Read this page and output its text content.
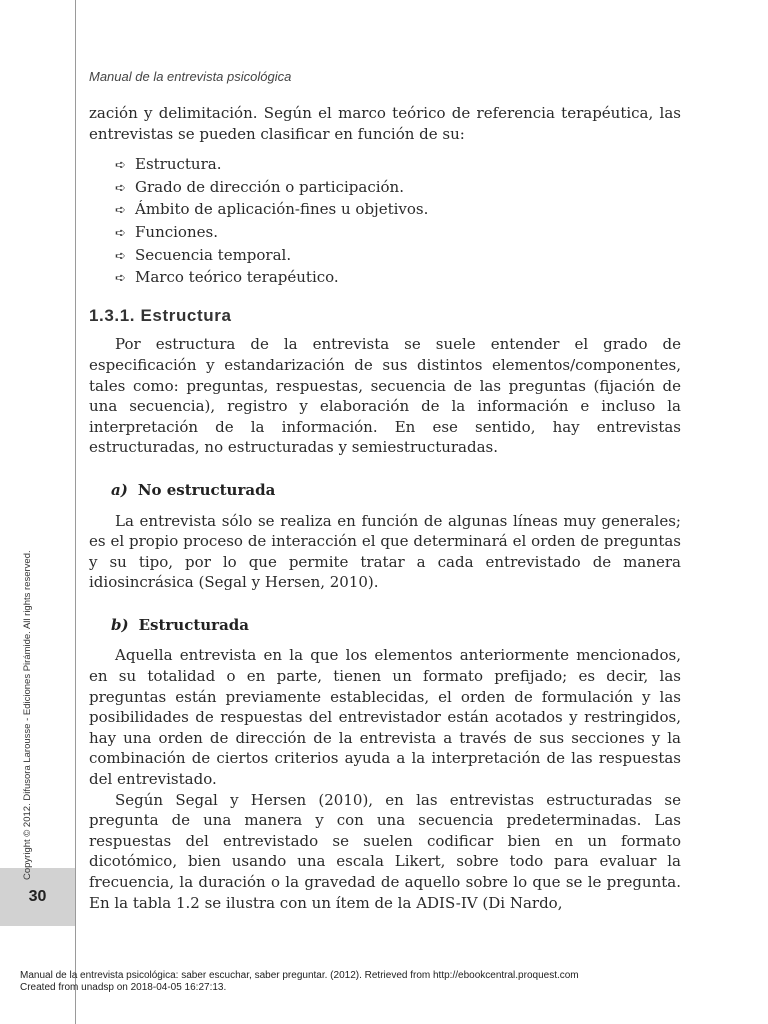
30
Copyright © 2012. Difusora Larousse - Ediciones Pirámide. All rights reserved.
Manual de la entrevista psicológica

zación y delimitación. Según el marco teórico de referencia terapéutica, las entrevistas se pueden clasificar en función de su:

➪ Estructura.
➪ Grado de dirección o participación.
➪ Ámbito de aplicación-fines u objetivos.
➪ Funciones.
➪ Secuencia temporal.
➪ Marco teórico terapéutico.
1.3.1. Estructura

Por estructura de la entrevista se suele entender el grado de especificación y estandarización de sus distintos elementos/componentes, tales como: preguntas, respuestas, secuencia de las preguntas (fijación de una secuencia), registro y elaboración de la información e incluso la interpretación de la información. En ese sentido, hay entrevistas estructuradas, no estructuradas y semiestructuradas.

a) No estructurada

La entrevista sólo se realiza en función de algunas líneas muy generales; es el propio proceso de interacción el que determinará el orden de preguntas y su tipo, por lo que permite tratar a cada entrevistado de manera idiosincrásica (Segal y Hersen, 2010).

b) Estructurada

Aquella entrevista en la que los elementos anteriormente mencionados, en su totalidad o en parte, tienen un formato prefijado; es decir, las preguntas están previamente establecidas, el orden de formulación y las posibilidades de respuestas del entrevistador están acotados y restringidos, hay una orden de dirección de la entrevista a través de sus secciones y la combinación de ciertos criterios ayuda a la interpretación de las respuestas del entrevistado.

Según Segal y Hersen (2010), en las entrevistas estructuradas se pregunta de una manera y con una secuencia predeterminadas. Las respuestas del entrevistado se suelen codificar bien en un formato dicotómico, bien usando una escala Likert, sobre todo para evaluar la frecuencia, la duración o la gravedad de aquello sobre lo que se le pregunta. En la tabla 1.2 se ilustra con un ítem de la ADIS-IV (Di Nardo,

Manual de la entrevista psicológica: saber escuchar, saber preguntar. (2012). Retrieved from http://ebookcentral.proquest.com
Created from unadsp on 2018-04-05 16:27:13.
